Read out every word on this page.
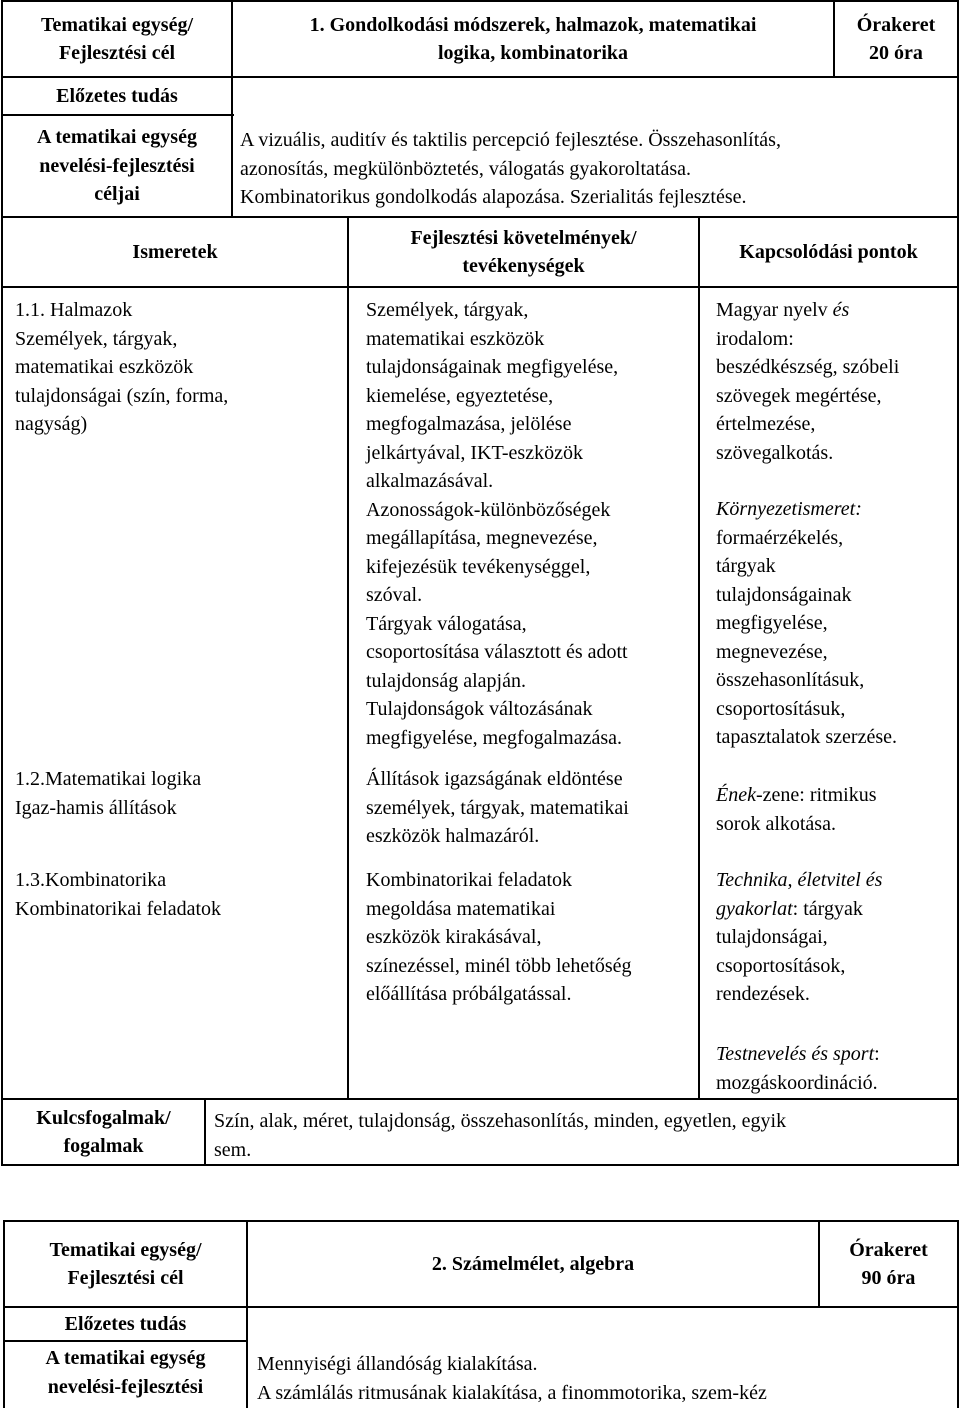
Tematikai egység/
Fejlesztési cél
1. Gondolkodási módszerek, halmazok, matematikai
logika, kombinatorika
Órakeret
20 óra
Előzetes tudás
A tematikai egység
nevelési-fejlesztési
céljai
A vizuális, auditív és taktilis percepció fejlesztése. Összehasonlítás,
azonosítás, megkülönböztetés, válogatás gyakoroltatása.
Kombinatorikus gondolkodás alapozása. Szerialitás fejlesztése.
Ismeretek
Fejlesztési követelmények/
tevékenységek
Kapcsolódási pontok
1.1. Halmazok
Személyek, tárgyak,
matematikai eszközök
tulajdonságai (szín, forma,
nagyság)
1.2.Matematikai logika
Igaz-hamis állítások
1.3.Kombinatorika
Kombinatorikai feladatok
Személyek, tárgyak,
matematikai eszközök
tulajdonságainak megfigyelése,
kiemelése, egyeztetése,
megfogalmazása, jelölése
jelkártyával, IKT-eszközök
alkalmazásával.
Azonosságok-különbözőségek
megállapítása, megnevezése,
kifejezésük tevékenységgel,
szóval.
Tárgyak válogatása,
csoportosítása választott és adott
tulajdonság alapján.
Tulajdonságok változásának
megfigyelése, megfogalmazása.
Állítások igazságának eldöntése
személyek, tárgyak, matematikai
eszközök halmazáról.
Kombinatorikai feladatok
megoldása matematikai
eszközök kirakásával,
színezéssel, minél több lehetőség
előállítása próbálgatással.
Magyar nyelv és
irodalom:
beszédkészség, szóbeli
szövegek megértése,
értelmezése,
szövegalkotás.
Környezetismeret:
formaérzékelés,
tárgyak
tulajdonságainak
megfigyelése,
megnevezése,
összehasonlításuk,
csoportosításuk,
tapasztalatok szerzése.
Ének-zene: ritmikus
sorok alkotása.
Technika, életvitel és
gyakorlat: tárgyak
tulajdonságai,
csoportosítások,
rendezések.
Testnevelés és sport:
mozgáskoordináció.
Kulcsfogalmak/
fogalmak
Szín, alak, méret, tulajdonság, összehasonlítás, minden, egyetlen, egyik
sem.
Tematikai egység/
Fejlesztési cél
2. Számelmélet, algebra
Órakeret
90 óra
Előzetes tudás
A tematikai egység
nevelési-fejlesztési
Mennyiségi állandóság kialakítása.
A számlálás ritmusának kialakítása, a finommotorika, szem-kéz
